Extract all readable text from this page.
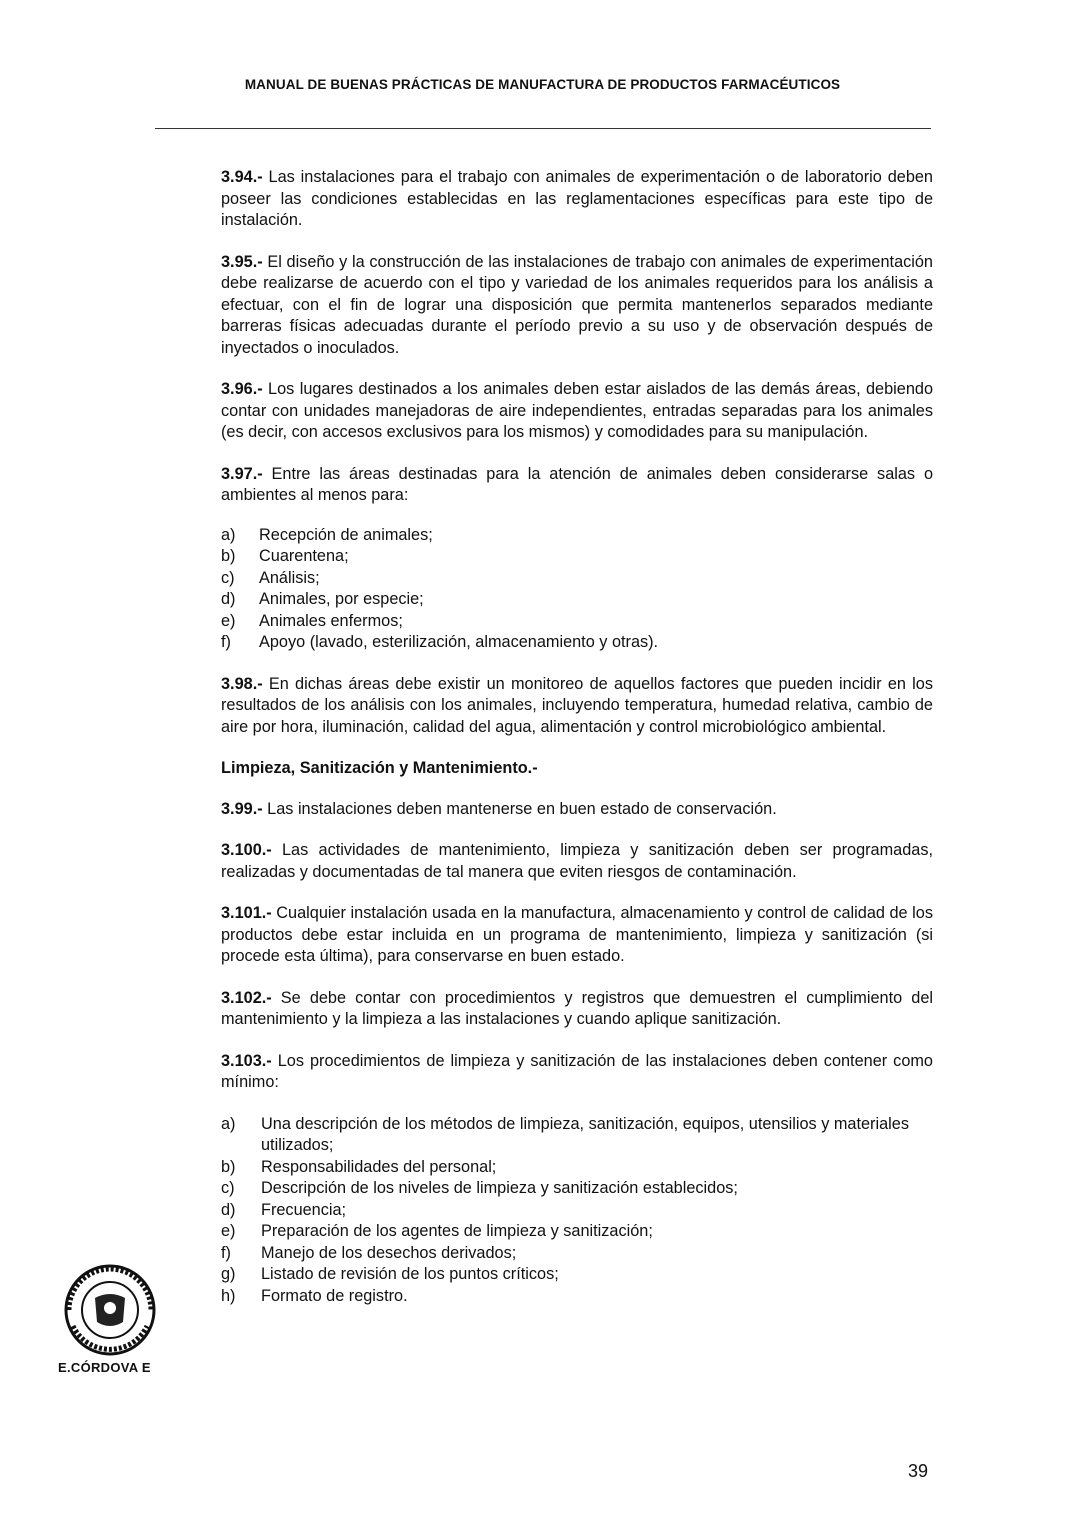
MANUAL DE BUENAS PRÁCTICAS DE MANUFACTURA DE PRODUCTOS FARMACÉUTICOS

3.94.- Las instalaciones para el trabajo con animales de experimentación o de laboratorio deben poseer las condiciones establecidas en las reglamentaciones específicas para este tipo de instalación.

3.95.- El diseño y la construcción de las instalaciones de trabajo con animales de experimentación debe realizarse de acuerdo con el tipo y variedad de los animales requeridos para los análisis a efectuar, con el fin de lograr una disposición que permita mantenerlos separados mediante barreras físicas adecuadas durante el período previo a su uso y de observación después de inyectados o inoculados.

3.96.- Los lugares destinados a los animales deben estar aislados de las demás áreas, debiendo contar con unidades manejadoras de aire independientes, entradas separadas para los animales (es decir, con accesos exclusivos para los mismos) y comodidades para su manipulación.

3.97.- Entre las áreas destinadas para la atención de animales deben considerarse salas o ambientes al menos para:

a)	Recepción de animales;
b)	Cuarentena;
c)	Análisis;
d)	Animales, por especie;
e)	Animales enfermos;
f)	Apoyo (lavado, esterilización, almacenamiento y otras).

3.98.- En dichas áreas debe existir un monitoreo de aquellos factores que pueden incidir en los resultados de los análisis con los animales, incluyendo temperatura, humedad relativa, cambio de aire por hora, iluminación, calidad del agua, alimentación y control microbiológico ambiental.

Limpieza, Sanitización y Mantenimiento.-

3.99.- Las instalaciones deben mantenerse en buen estado de conservación.

3.100.- Las actividades de mantenimiento, limpieza y sanitización deben ser programadas, realizadas y documentadas de tal manera que eviten riesgos de contaminación.

3.101.- Cualquier instalación usada en la manufactura, almacenamiento y control de calidad de los productos debe estar incluida en un programa de mantenimiento, limpieza y sanitización (si procede esta última), para conservarse en buen estado.

3.102.- Se debe contar con procedimientos y registros que demuestren el cumplimiento del mantenimiento y la limpieza a las instalaciones y cuando aplique sanitización.

3.103.- Los procedimientos de limpieza y sanitización de las instalaciones deben contener como mínimo:

a)	Una descripción de los métodos de limpieza, sanitización, equipos, utensilios y materiales utilizados;
b)	Responsabilidades del personal;
c)	Descripción de los niveles de limpieza y sanitización establecidos;
d)	Frecuencia;
e)	Preparación de los agentes de limpieza y sanitización;
f)	Manejo de los desechos derivados;
g)	Listado de revisión de los puntos críticos;
h)	Formato de registro.
E.CÓRDOVA E
39
